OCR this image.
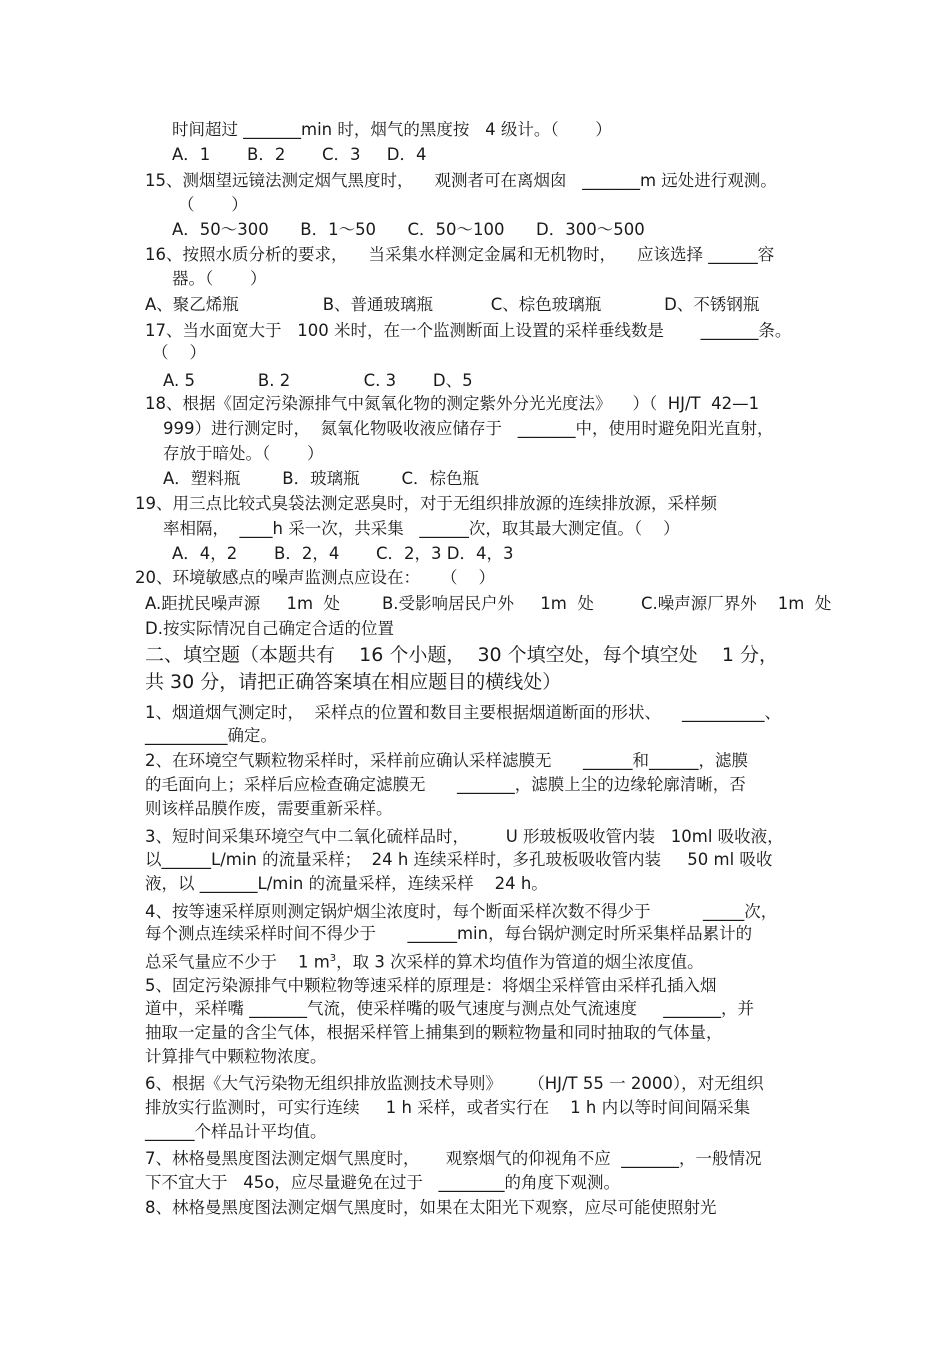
时间超过 _______min 时，烟气的黑度按   4 级计。（       ）
A．1       B．2       C．3     D．4
15、测烟望远镜法测定烟气黑度时，    观测者可在离烟囱   _______m 远处进行观测。
（       ）
A．50～300      B．1～50      C．50～100      D．300～500
16、按照水质分析的要求，    当采集水样测定金属和无机物时，    应该选择 ______容
器。（       ）
A、聚乙烯瓶                B、普通玻璃瓶           C、棕色玻璃瓶            D、不锈钢瓶
17、当水面宽大于   100 米时，在一个监测断面上设置的采样垂线数是       _______条。
（    ）
A. 5            B. 2              C. 3       D、5
18、根据《固定污染源排气中氮氧化物的测定紫外分光光度法》    ）（  HJ/T  42—1
999）进行测定时，  氮氧化物吸收液应储存于   _______中，使用时避免阳光直射，
存放于暗处。（       ）
A．塑料瓶        B．玻璃瓶        C．棕色瓶
19、用三点比较式臭袋法测定恶臭时，对于无组织排放源的连续排放源，采样频
率相隔，  ____h 采一次，共采集   ______次，取其最大测定值。（    ）
A．4，2       B．2，4       C．2，3 D．4，3
20、环境敏感点的噪声监测点应设在：    （    ）
A.距扰民噪声源     1m  处        B.受影响居民户外     1m  处         C.噪声源厂界外    1m  处
D.按实际情况自己确定合适的位置
二、填空题（本题共有    16 个小题，  30 个填空处，每个填空处    1 分，
共 30 分，请把正确答案填在相应题目的横线处）
1、烟道烟气测定时，  采样点的位置和数目主要根据烟道断面的形状、    __________、
__________确定。
2、在环境空气颗粒物采样时，采样前应确认采样滤膜无      ______和______，滤膜
的毛面向上；采样后应检查确定滤膜无      _______，滤膜上尘的边缘轮廓清晰，否
则该样品膜作废，需要重新采样。
3、短时间采集环境空气中二氧化硫样品时，       U 形玻板吸收管内装   10ml 吸收液，
以______L/min 的流量采样；  24 h 连续采样时，多孔玻板吸收管内装     50 ml 吸收
液，以 _______L/min 的流量采样，连续采样    24 h。
4、按等速采样原则测定锅炉烟尘浓度时，每个断面采样次数不得少于          _____次，
每个测点连续采样时间不得少于      ______min，每台锅炉测定时所采集样品累计的
总采气量应不少于    1 $m^3$，取 3 次采样的算术均值作为管道的烟尘浓度值。
5、固定污染源排气中颗粒物等速采样的原理是：将烟尘采样管由采样孔插入烟
道中，采样嘴 _______气流，使采样嘴的吸气速度与测点处气流速度     _______，并
抽取一定量的含尘气体，根据采样管上捕集到的颗粒物量和同时抽取的气体量，
计算排气中颗粒物浓度。
6、根据《大气污染物无组织排放监测技术导则》     （HJ/T 55 一 2000），对无组织
排放实行监测时，可实行连续     1 h 采样，或者实行在    1 h 内以等时间间隔采集
______个样品计平均值。
7、林格曼黑度图法测定烟气黑度时，     观察烟气的仰视角不应  _______，一般情况
下不宜大于   45o，应尽量避免在过于   ________的角度下观测。
8、林格曼黑度图法测定烟气黑度时，如果在太阳光下观察，应尽可能使照射光
